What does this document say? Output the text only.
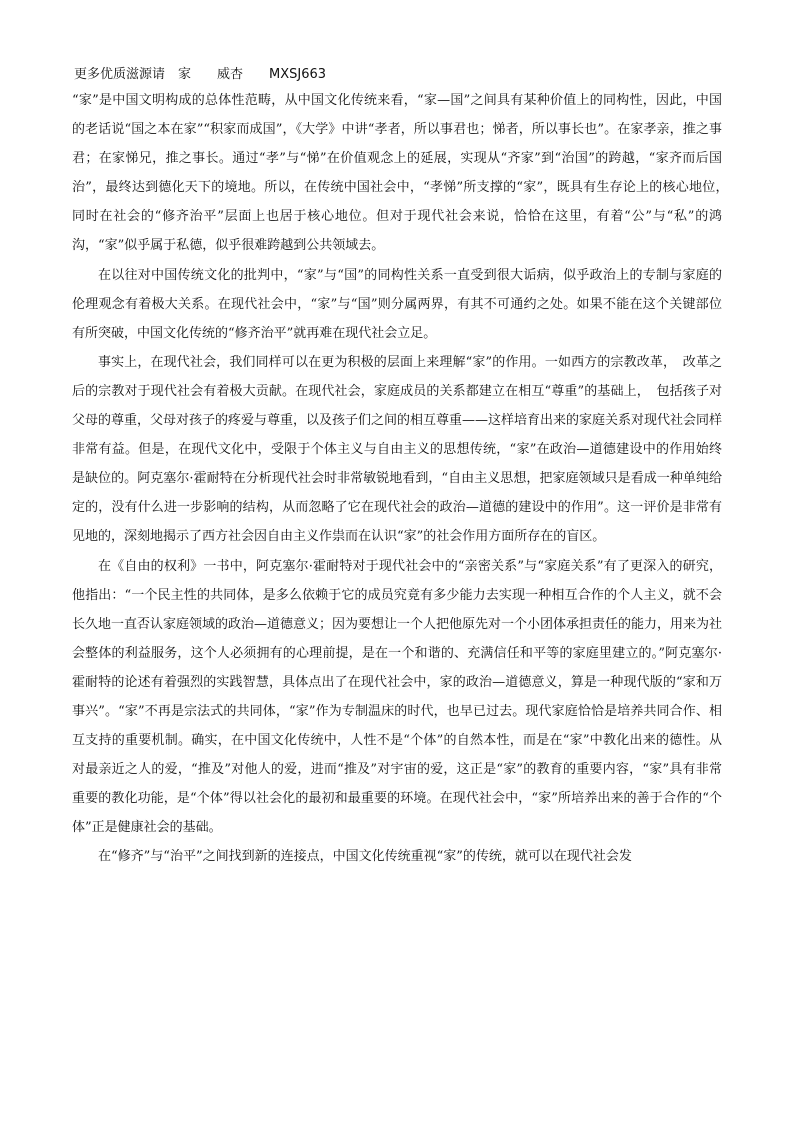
更多优质滋源请　家　　威杏　　MXSJ663

“家”是中国文明构成的总体性范畴，从中国文化传统来看，“家—国”之间具有某种价值上的同构性，因此，中国的老话说“国之本在家”“积家而成国”，《大学》中讲“孝者，所以事君也；悌者，所以事长也”。在家孝亲，推之事君；在家悌兄，推之事长。通过“孝”与“悌”在价值观念上的延展，实现从“齐家”到“治国”的跨越，“家齐而后国治”，最终达到德化天下的境地。所以，在传统中国社会中，“孝悌”所支撑的“家”，既具有生存论上的核心地位，　同时在社会的“修齐治平”层面上也居于核心地位。但对于现代社会来说，恰恰在这里，有着“公”与“私”的鸿沟，“家”似乎属于私德，似乎很难跨越到公共领域去。

在以往对中国传统文化的批判中，“家”与“国”的同构性关系一直受到很大诟病，似乎政治上的专制与家庭的伦理观念有着极大关系。在现代社会中，“家”与“国”则分属两界，有其不可通约之处。如果不能在这个关键部位有所突破，中国文化传统的“修齐治平”就再难在现代社会立足。

事实上，在现代社会，我们同样可以在更为积极的层面上来理解“家”的作用。一如西方的宗教改革，　改革之后的宗教对于现代社会有着极大贡献。在现代社会，家庭成员的关系都建立在相互“尊重”的基础上，　包括孩子对父母的尊重，父母对孩子的疼爱与尊重，以及孩子们之间的相互尊重——这样培育出来的家庭关系对现代社会同样非常有益。但是，在现代文化中，受限于个体主义与自由主义的思想传统，“家”在政治—道德建设中的作用始终是缺位的。阿克塞尔·霍耐特在分析现代社会时非常敏锐地看到，“自由主义思想，把家庭领域只是看成一种单纯给定的，没有什么进一步影响的结构，从而忽略了它在现代社会的政治—道德的建设中的作用”。这一评价是非常有见地的，深刻地揭示了西方社会因自由主义作祟而在认识“家”的社会作用方面所存在的盲区。

在《自由的权利》一书中，阿克塞尔·霍耐特对于现代社会中的“亲密关系”与“家庭关系”有了更深入的研究，他指出：“一个民主性的共同体，是多么依赖于它的成员究竟有多少能力去实现一种相互合作的个人主义，就不会长久地一直否认家庭领域的政治—道德意义；因为要想让一个人把他原先对一个小团体承担责任的能力，用来为社会整体的利益服务，这个人必须拥有的心理前提，是在一个和谐的、充满信任和平等的家庭里建立的。”阿克塞尔·霍耐特的论述有着强烈的实践智慧，具体点出了在现代社会中，家的政治—道德意义，算是一种现代版的“家和万事兴”。“家”不再是宗法式的共同体，“家”作为专制温床的时代，也早已过去。现代家庭恰恰是培养共同合作、相互支持的重要机制。确实，在中国文化传统中，人性不是“个体”的自然本性，而是在“家”中教化出来的德性。从对最亲近之人的爱，“推及”对他人的爱，进而“推及”对宇宙的爱，这正是“家”的教育的重要内容，“家”具有非常重要的教化功能，是“个体”得以社会化的最初和最重要的环境。在现代社会中，“家”所培养出来的善于合作的“个体”正是健康社会的基础。

在“修齐”与“治平”之间找到新的连接点，中国文化传统重视“家”的传统，就可以在现代社会发
